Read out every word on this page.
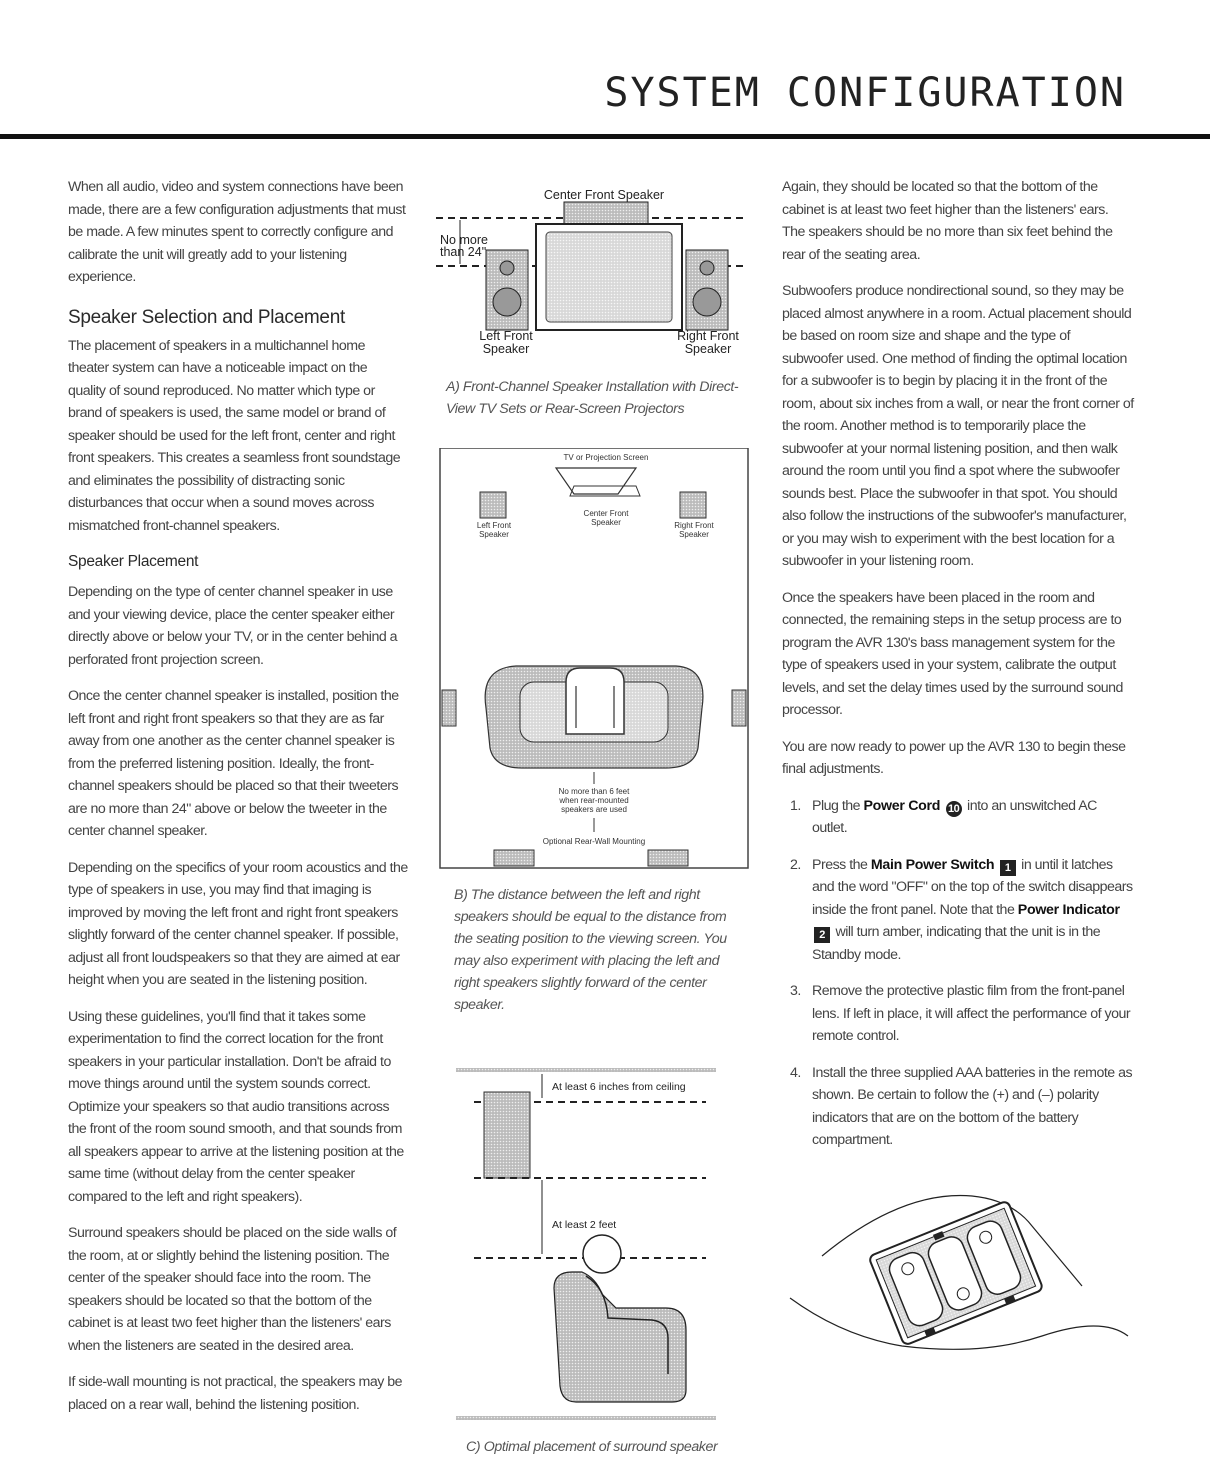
SYSTEM CONFIGURATION

When all audio, video and system connections have been made, there are a few configuration adjustments that must be made. A few minutes spent to correctly configure and calibrate the unit will greatly add to your listening experience.

Speaker Selection and Placement

The placement of speakers in a multichannel home theater system can have a noticeable impact on the quality of sound reproduced. No matter which type or brand of speakers is used, the same model or brand of speaker should be used for the left front, center and right front speakers. This creates a seamless front soundstage and eliminates the possibility of distracting sonic disturbances that occur when a sound moves across mismatched front-channel speakers.

Speaker Placement

Depending on the type of center channel speaker in use and your viewing device, place the center speaker either directly above or below your TV, or in the center behind a perforated front projection screen.

Once the center channel speaker is installed, position the left front and right front speakers so that they are as far away from one another as the center channel speaker is from the preferred listening position. Ideally, the front-channel speakers should be placed so that their tweeters are no more than 24" above or below the tweeter in the center channel speaker.

Depending on the specifics of your room acoustics and the type of speakers in use, you may find that imaging is improved by moving the left front and right front speakers slightly forward of the center channel speaker. If possible, adjust all front loudspeakers so that they are aimed at ear height when you are seated in the listening position.

Using these guidelines, you'll find that it takes some experimentation to find the correct location for the front speakers in your particular installation. Don't be afraid to move things around until the system sounds correct. Optimize your speakers so that audio transitions across the front of the room sound smooth, and that sounds from all speakers appear to arrive at the listening position at the same time (without delay from the center speaker compared to the left and right speakers).

Surround speakers should be placed on the side walls of the room, at or slightly behind the listening position. The center of the speaker should face into the room. The speakers should be located so that the bottom of the cabinet is at least two feet higher than the listeners' ears when the listeners are seated in the desired area.

If side-wall mounting is not practical, the speakers may be placed on a rear wall, behind the listening position.

Center Front Speaker
No more
than 24"
Left Front
Speaker
Right Front
Speaker

A) Front-Channel Speaker Installation with Direct-View TV Sets or Rear-Screen Projectors

TV or Projection Screen
Left Front
Speaker
Center Front
Speaker	Right Front
Speaker
No more than 6 feet
when rear-mounted
speakers are used
Optional Rear-Wall Mounting

B) The distance between the left and right speakers should be equal to the distance from the seating position to the viewing screen. You may also experiment with placing the left and right speakers slightly forward of the center speaker.

At least 6 inches from ceiling
At least 2 feet

C) Optimal placement of surround speaker

Again, they should be located so that the bottom of the cabinet is at least two feet higher than the listeners' ears. The speakers should be no more than six feet behind the rear of the seating area.

Subwoofers produce nondirectional sound, so they may be placed almost anywhere in a room. Actual placement should be based on room size and shape and the type of subwoofer used. One method of finding the optimal location for a subwoofer is to begin by placing it in the front of the room, about six inches from a wall, or near the front corner of the room. Another method is to temporarily place the subwoofer at your normal listening position, and then walk around the room until you find a spot where the subwoofer sounds best. Place the subwoofer in that spot. You should also follow the instructions of the subwoofer's manufacturer, or you may wish to experiment with the best location for a subwoofer in your listening room.

Once the speakers have been placed in the room and connected, the remaining steps in the setup process are to program the AVR 130's bass management system for the type of speakers used in your system, calibrate the output levels, and set the delay times used by the surround sound processor.

You are now ready to power up the AVR 130 to begin these final adjustments.

1. Plug the Power Cord 10 into an unswitched AC outlet.
2. Press the Main Power Switch 1 in until it latches and the word "OFF" on the top of the switch disappears inside the front panel. Note that the Power Indicator 2 will turn amber, indicating that the unit is in the Standby mode.
3. Remove the protective plastic film from the front-panel lens. If left in place, it will affect the performance of your remote control.
4. Install the three supplied AAA batteries in the remote as shown. Be certain to follow the (+) and (–) polarity indicators that are on the bottom of the battery compartment.
